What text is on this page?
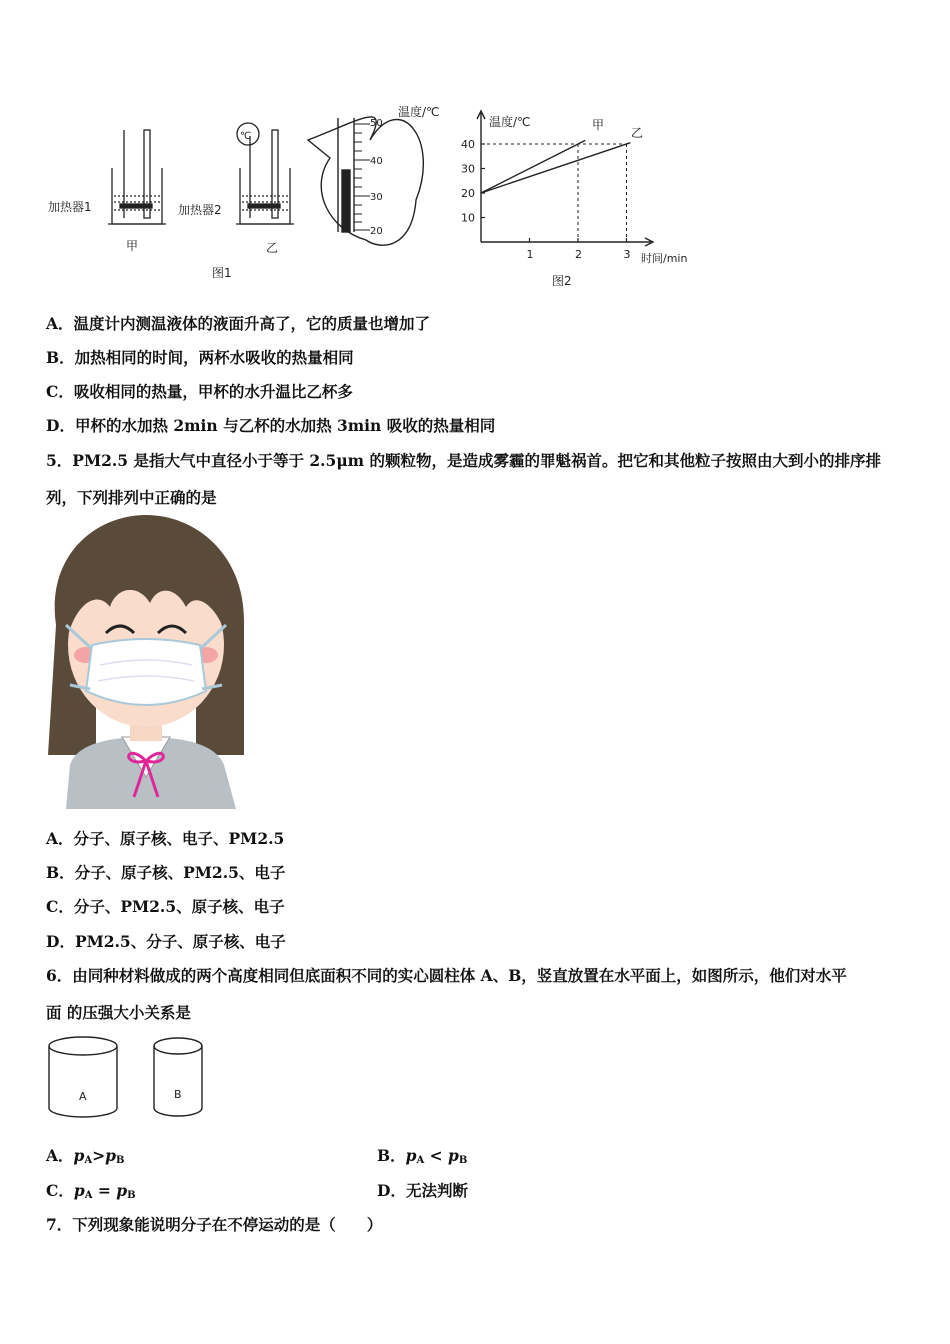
加热器1
甲
℃
加热器2
乙
50
40
30
20
温度/℃
图1
1	2	3
10
20
30
40
温度/℃
时间/min
甲
乙
图2
A．温度计内测温液体的液面升高了，它的质量也增加了
B．加热相同的时间，两杯水吸收的热量相同
C．吸收相同的热量，甲杯的水升温比乙杯多
D．甲杯的水加热 2min 与乙杯的水加热 3min 吸收的热量相同
5．PM2.5 是指大气中直径小于等于 2.5μm 的颗粒物，是造成雾霾的罪魁祸首。把它和其他粒子按照由大到小的排序排
列，下列排列中正确的是
A．分子、原子核、电子、PM2.5
B．分子、原子核、PM2.5、电子
C．分子、PM2.5、原子核、电子
D．PM2.5、分子、原子核、电子
6．由同种材料做成的两个高度相同但底面积不同的实心圆柱体 A、B，竖直放置在水平面上，如图所示，他们对水平
面 的压强大小关系是
A	B
A．$p_A>p_B$	B．$p_A < p_B$
C．$p_A = p_B$	D．无法判断
7．下列现象能说明分子在不停运动的是（　　）
